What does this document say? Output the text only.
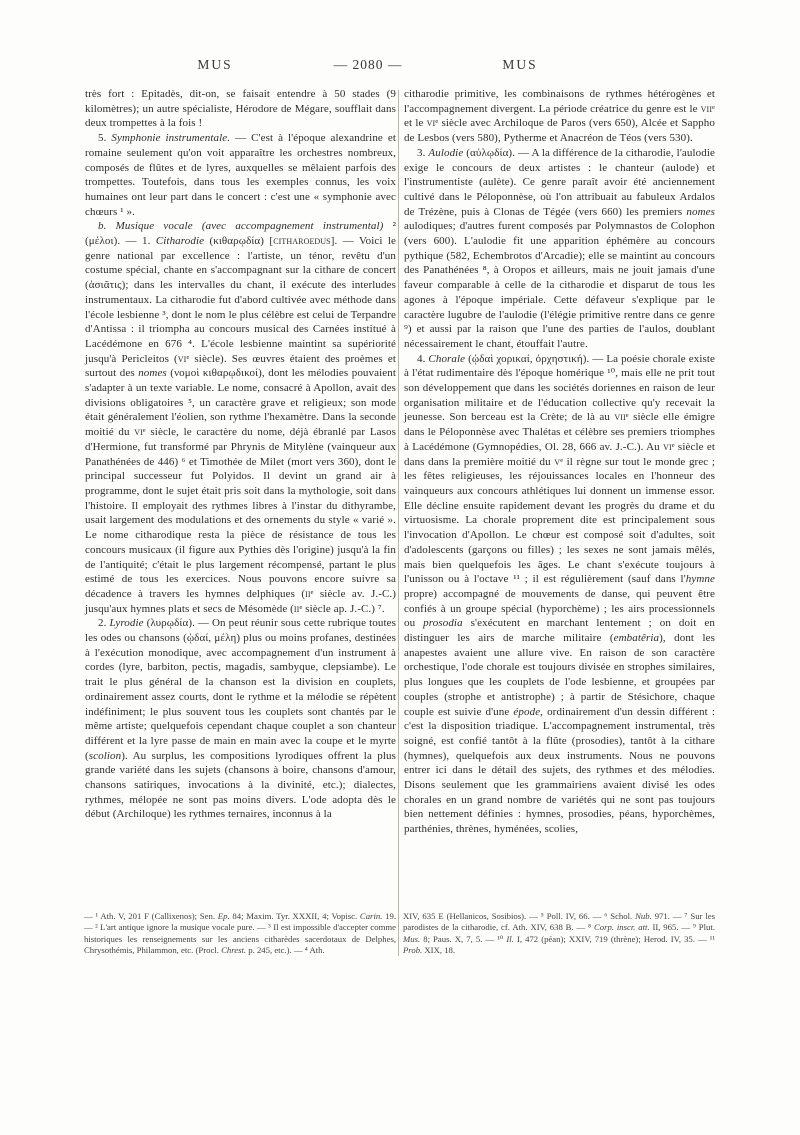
MUS	— 2080 —	MUS

très fort : Epitadès, dit-on, se faisait entendre à 50 stades (9 kilomètres); un autre spécialiste, Hérodore de Mégare, soufflait dans deux trompettes à la fois !

5. Symphonie instrumentale. — C'est à l'époque alexandrine et romaine seulement qu'on voit apparaître les orchestres nombreux, composés de flûtes et de lyres, auxquelles se mêlaient parfois des trompettes. Toutefois, dans tous les exemples connus, les voix humaines ont leur part dans le concert : c'est une « symphonie avec chœurs ¹ ».

b. Musique vocale (avec accompagnement instrumental) ² (μέλοι). — 1. Citharodie (κιθαρῳδία) [citharoedus]. — Voici le genre national par excellence : l'artiste, un ténor, revêtu d'un costume spécial, chante en s'accompagnant sur la cithare de concert (ἀσιᾶτις); dans les intervalles du chant, il exécute des interludes instrumentaux. La citharodie fut d'abord cultivée avec méthode dans l'école lesbienne ³, dont le nom le plus célèbre est celui de Terpandre d'Antissa : il triompha au concours musical des Carnées institué à Lacédémone en 676 ⁴. L'école lesbienne maintint sa supériorité jusqu'à Pericleitos (viᵉ siècle). Ses œuvres étaient des proèmes et surtout des nomes (νομοὶ κιθαρῳδικοί), dont les mélodies pouvaient s'adapter à un texte variable. Le nome, consacré à Apollon, avait des divisions obligatoires ⁵, un caractère grave et religieux; son mode était généralement l'éolien, son rythme l'hexamètre. Dans la seconde moitié du viᵉ siècle, le caractère du nome, déjà ébranlé par Lasos d'Hermione, fut transformé par Phrynis de Mitylène (vainqueur aux Panathénées de 446) ⁶ et Timothée de Milet (mort vers 360), dont le principal successeur fut Polyidos. Il devint un grand air à programme, dont le sujet était pris soit dans la mythologie, soit dans l'histoire. Il employait des rythmes libres à l'instar du dithyrambe, usait largement des modulations et des ornements du style « varié ». Le nome citharodique resta la pièce de résistance de tous les concours musicaux (il figure aux Pythies dès l'origine) jusqu'à la fin de l'antiquité; c'était le plus largement récompensé, partant le plus estimé de tous les exercices. Nous pouvons encore suivre sa décadence à travers les hymnes delphiques (iiᵉ siècle av. J.-C.) jusqu'aux hymnes plats et secs de Mésomède (iiᵉ siècle ap. J.-C.) ⁷.

2. Lyrodie (λυρῳδία). — On peut réunir sous cette rubrique toutes les odes ou chansons (ᾠδαί, μέλη) plus ou moins profanes, destinées à l'exécution monodique, avec accompagnement d'un instrument à cordes (lyre, barbiton, pectis, magadis, sambyque, clepsiambe). Le trait le plus général de la chanson est la division en couplets, ordinairement assez courts, dont le rythme et la mélodie se répètent indéfiniment; le plus souvent tous les couplets sont chantés par le même artiste; quelquefois cependant chaque couplet a son chanteur différent et la lyre passe de main en main avec la coupe et le myrte (scolion). Au surplus, les compositions lyrodiques offrent la plus grande variété dans les sujets (chansons à boire, chansons d'amour, chansons satiriques, invocations à la divinité, etc.); dialectes, rythmes, mélopée ne sont pas moins divers. L'ode adopta dès le début (Archiloque) les rythmes ternaires, inconnus à la

citharodie primitive, les combinaisons de rythmes hétérogènes et l'accompagnement divergent. La période créatrice du genre est le viiᵉ et le viᵉ siècle avec Archiloque de Paros (vers 650), Alcée et Sappho de Lesbos (vers 580), Pytherme et Anacréon de Téos (vers 530).

3. Aulodie (αὐλῳδία). — A la différence de la citharodie, l'aulodie exige le concours de deux artistes : le chanteur (aulode) et l'instrumentiste (aulète). Ce genre paraît avoir été anciennement cultivé dans le Péloponnèse, où l'on attribuait au fabuleux Ardalos de Trézène, puis à Clonas de Tégée (vers 660) les premiers nomes aulodiques; d'autres furent composés par Polymnastos de Colophon (vers 600). L'aulodie fit une apparition éphémère au concours pythique (582, Echembrotos d'Arcadie); elle se maintint au concours des Panathénées ⁸, à Oropos et ailleurs, mais ne jouit jamais d'une faveur comparable à celle de la citharodie et disparut de tous les agones à l'époque impériale. Cette défaveur s'explique par le caractère lugubre de l'aulodie (l'élégie primitive rentre dans ce genre ⁹) et aussi par la raison que l'une des parties de l'aulos, doublant nécessairement le chant, étouffait l'autre.

4. Chorale (ᾠδαὶ χορικαί, ὀρχηστική). — La poésie chorale existe à l'état rudimentaire dès l'époque homérique ¹⁰, mais elle ne prit tout son développement que dans les sociétés doriennes en raison de leur organisation militaire et de l'éducation collective qu'y recevait la jeunesse. Son berceau est la Crète; de là au viiᵉ siècle elle émigre dans le Péloponnèse avec Thalétas et célèbre ses premiers triomphes à Lacédémone (Gymnopédies, Ol. 28, 666 av. J.-C.). Au viᵉ siècle et dans dans la première moitié du vᵉ il règne sur tout le monde grec ; les fêtes religieuses, les réjouissances locales en l'honneur des vainqueurs aux concours athlétiques lui donnent un immense essor. Elle décline ensuite rapidement devant les progrès du drame et du virtuosisme. La chorale proprement dite est principalement sous l'invocation d'Apollon. Le chœur est composé soit d'adultes, soit d'adolescents (garçons ou filles) ; les sexes ne sont jamais mêlés, mais bien quelquefois les âges. Le chant s'exécute toujours à l'unisson ou à l'octave ¹¹ ; il est régulièrement (sauf dans l'hymne propre) accompagné de mouvements de danse, qui peuvent être confiés à un groupe spécial (hyporchème) ; les airs processionnels ou prosodia s'exécutent en marchant lentement ; on doit en distinguer les airs de marche militaire (embatêria), dont les anapestes avaient une allure vive. En raison de son caractère orchestique, l'ode chorale est toujours divisée en strophes similaires, plus longues que les couplets de l'ode lesbienne, et groupées par couples (strophe et antistrophe) ; à partir de Stésichore, chaque couple est suivie d'une épode, ordinairement d'un dessin différent : c'est la disposition triadique. L'accompagnement instrumental, très soigné, est confié tantôt à la flûte (prosodies), tantôt à la cithare (hymnes), quelquefois aux deux instruments. Nous ne pouvons entrer ici dans le détail des sujets, des rythmes et des mélodies. Disons seulement que les grammairiens avaient divisé les odes chorales en un grand nombre de variétés qui ne sont pas toujours bien nettement définies : hymnes, prosodies, péans, hyporchèmes, parthénies, thrènes, hyménées, scolies,

— ¹ Ath. V, 201 F (Callixenos); Sen. Ep. 84; Maxim. Tyr. XXXII, 4; Vopisc. Carin. 19. — ² L'art antique ignore la musique vocale pure. — ³ Il est impossible d'accepter comme historiques les renseignements sur les anciens citharèdes sacerdotaux de Delphes, Chrysothémis, Philammon, etc. (Procl. Chrest. p. 245, etc.). — ⁴ Ath.
XIV, 635 E (Hellanicos, Sosibios). — ⁵ Poll. IV, 66. — ⁶ Schol. Nub. 971. — ⁷ Sur les parodistes de la citharodie, cf. Ath. XIV, 638 B. — ⁸ Corp. inscr. att. II, 965. — ⁹ Plut. Mus. 8; Paus. X, 7, 5. — ¹⁰ Il. I, 472 (péan); XXIV, 719 (thrène); Herod. IV, 35. — ¹¹ Prob. XIX, 18.
